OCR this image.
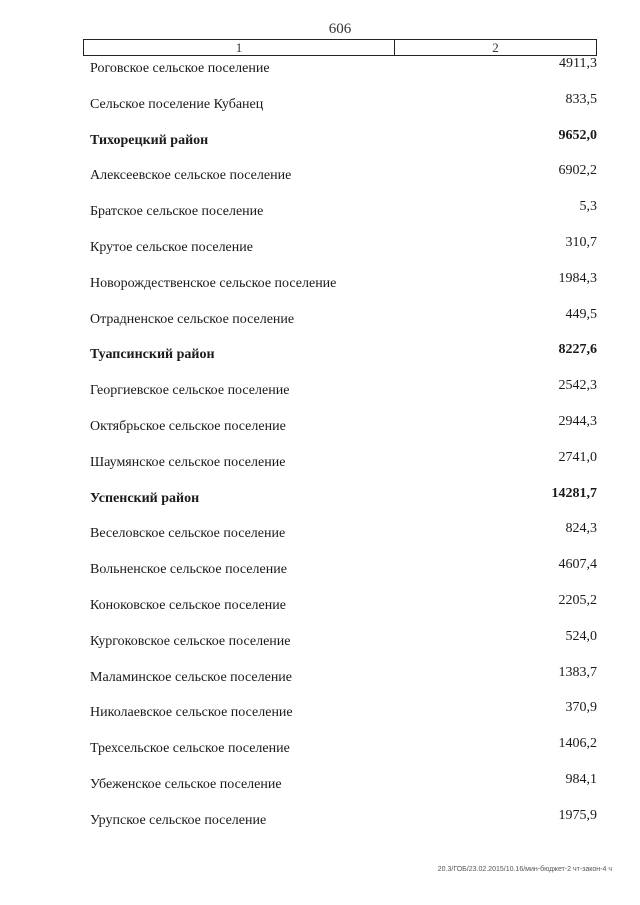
606
1	2
Роговское сельское поселение	4911,3
Сельское поселение Кубанец	833,5
Тихорецкий район	9652,0
Алексеевское сельское поселение	6902,2
Братское сельское поселение	5,3
Крутое сельское поселение	310,7
Новорождественское сельское поселение	1984,3
Отрадненское сельское поселение	449,5
Туапсинский район	8227,6
Георгиевское сельское поселение	2542,3
Октябрьское сельское поселение	2944,3
Шаумянское сельское поселение	2741,0
Успенский район	14281,7
Веселовское сельское поселение	824,3
Вольненское сельское поселение	4607,4
Коноковское сельское поселение	2205,2
Кургоковское сельское поселение	524,0
Маламинское сельское поселение	1383,7
Николаевское сельское поселение	370,9
Трехсельское сельское поселение	1406,2
Убеженское сельское поселение	984,1
Урупское сельское поселение	1975,9
20.3/ГОБ/23.02.2015/10.16/мин-бюджет-2 чт-закон-4 ч
